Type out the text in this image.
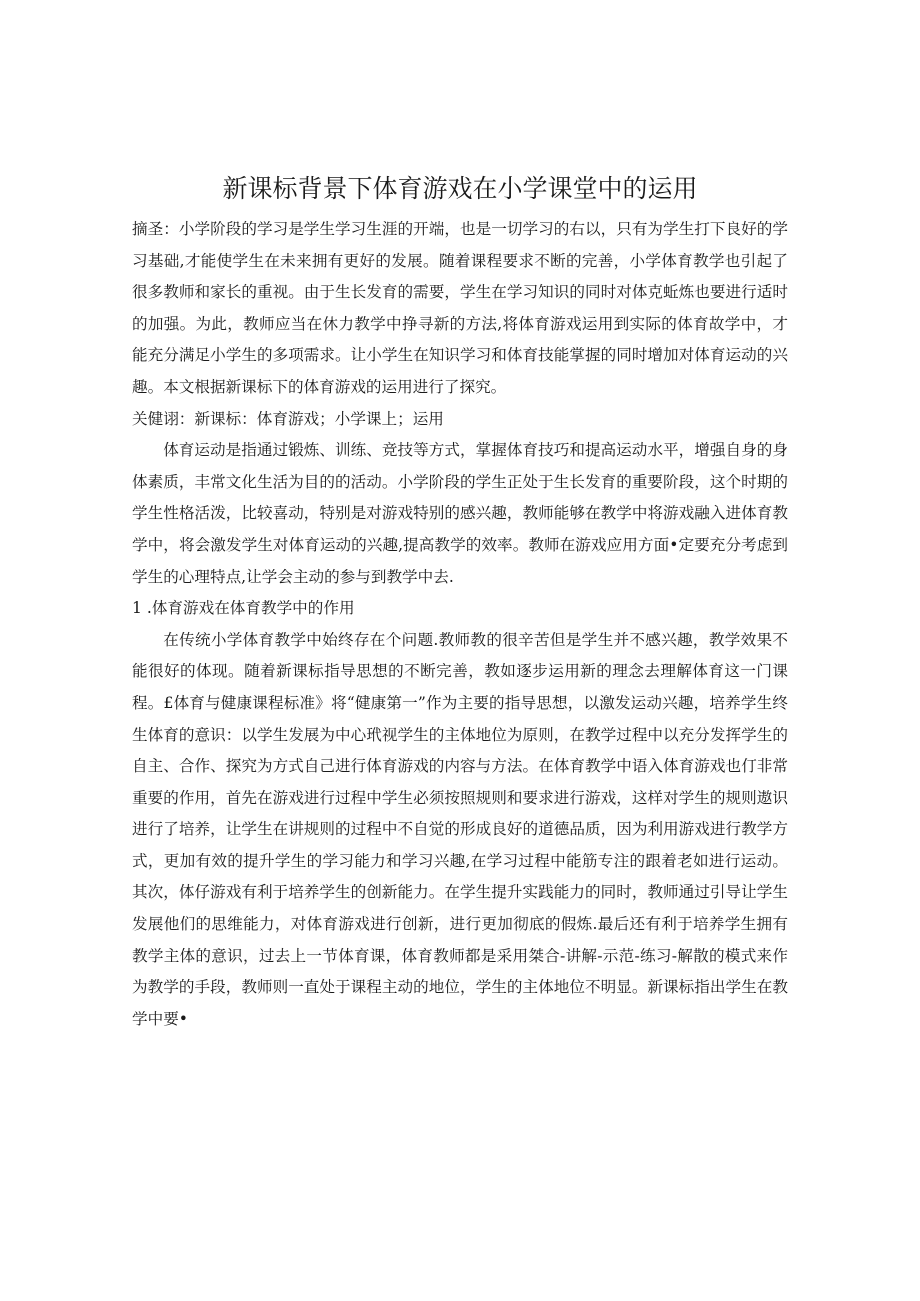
新课标背景下体育游戏在小学课堂中的运用

摘圣：小学阶段的学习是学生学习生涯的开端，也是一切学习的右以，只有为学生打下良好的学习基础,才能使学生在未来拥有更好的发展。随着课程要求不断的完善，小学体育教学也引起了很多教师和家长的重视。由于生长发育的需要，学生在学习知识的同时对体克蚯炼也要进行适时的加强。为此，教师应当在休力教学中挣寻新的方法,将体育游戏运用到实际的体育故学中，才能充分满足小学生的多项需求。让小学生在知识学习和体育技能掌握的同时增加对体育运动的兴趣。本文根据新课标下的体育游戏的运用进行了探究。

关健诩：新课标：体育游戏；小学课上；运用

体育运动是指通过锻炼、训练、竞技等方式，掌握体育技巧和提高运动水平，增强自身的身体素质，丰常文化生活为目的的活动。小学阶段的学生正处于生长发育的重要阶段，这个时期的学生性格活泼，比较喜动，特别是对游戏特别的感兴趣，教师能够在教学中将游戏融入进体育教学中，将会激发学生对体育运动的兴趣,提高教学的效率。教师在游戏应用方面•定要充分考虑到学生的心理特点,让学会主动的参与到教学中去.

1 .体育游戏在体育教学中的作用

在传统小学体育教学中始终存在个问题.教师教的很辛苦但是学生并不感兴趣，教学效果不能很好的体现。随着新课标指导思想的不断完善，教如逐步运用新的理念去理解体育这一门课程。£体育与健康课程标准》将“健康第一”作为主要的指导思想，以激发运动兴趣，培养学生终生体育的意识：以学生发展为中心玳视学生的主体地位为原则，在教学过程中以充分发挥学生的自主、合作、探究为方式自己进行体育游戏的内容与方法。在体育教学中语入体育游戏也仃非常重要的作用，首先在游戏进行过程中学生必须按照规则和要求进行游戏，这样对学生的规则遨识进行了培养，让学生在讲规则的过程中不自觉的形成良好的道德品质，因为利用游戏进行教学方式，更加有效的提升学生的学习能力和学习兴趣,在学习过程中能筋专注的跟着老如进行运动。其次，体仔游戏有利于培养学生的创新能力。在学生提升实践能力的同时，教师通过引导让学生发展他们的思维能力，对体育游戏进行创新，进行更加彻底的假炼.最后还有利于培养学生拥有教学主体的意识，过去上一节体育课，体育教师都是采用桀合-讲解-示范-练习-解散的模式来作为教学的手段，教师则一直处于课程主动的地位，学生的主体地位不明显。新课标指出学生在教学中要•
